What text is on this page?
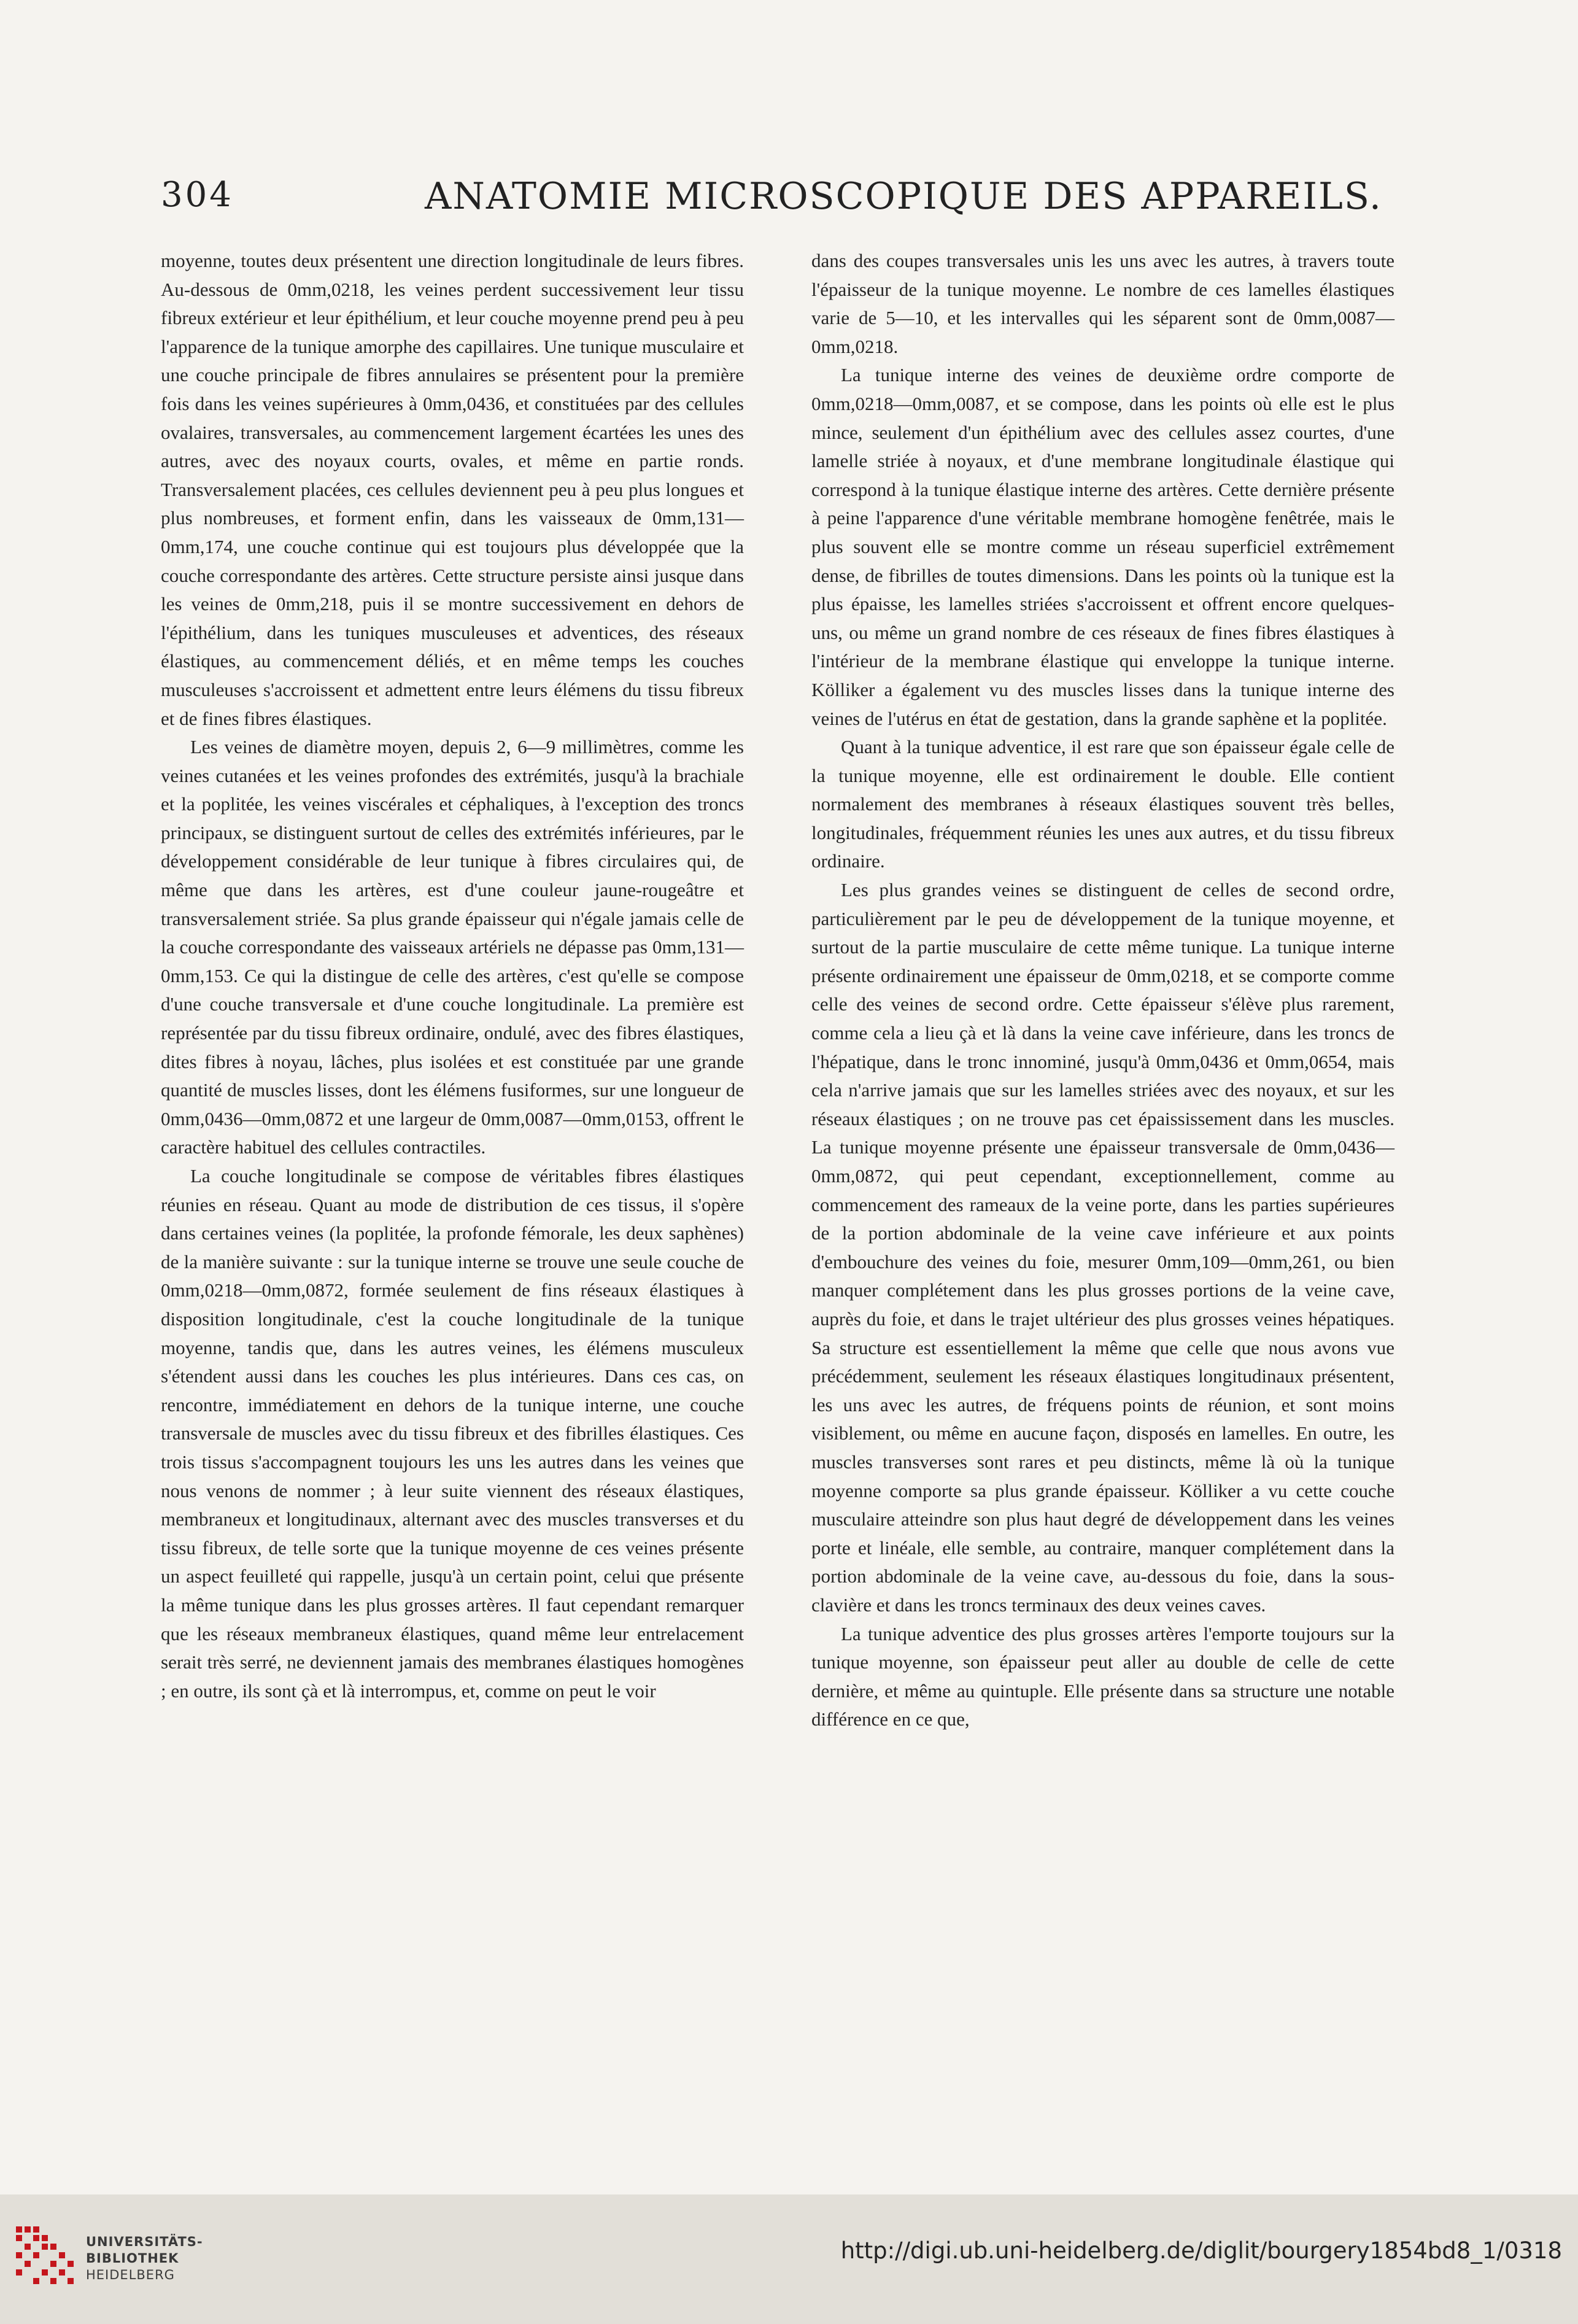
304	ANATOMIE MICROSCOPIQUE DES APPAREILS.

moyenne, toutes deux présentent une direction longitudinale de leurs fibres. Au-dessous de 0mm,0218, les veines perdent successivement leur tissu fibreux extérieur et leur épithélium, et leur couche moyenne prend peu à peu l'apparence de la tunique amorphe des capillaires. Une tunique musculaire et une couche principale de fibres annulaires se présentent pour la première fois dans les veines supérieures à 0mm,0436, et constituées par des cellules ovalaires, transversales, au commencement largement écartées les unes des autres, avec des noyaux courts, ovales, et même en partie ronds. Transversalement placées, ces cellules deviennent peu à peu plus longues et plus nombreuses, et forment enfin, dans les vaisseaux de 0mm,131—0mm,174, une couche continue qui est toujours plus développée que la couche correspondante des artères. Cette structure persiste ainsi jusque dans les veines de 0mm,218, puis il se montre successivement en dehors de l'épithélium, dans les tuniques musculeuses et adventices, des réseaux élastiques, au commencement déliés, et en même temps les couches musculeuses s'accroissent et admettent entre leurs élémens du tissu fibreux et de fines fibres élastiques.

Les veines de diamètre moyen, depuis 2, 6—9 millimètres, comme les veines cutanées et les veines profondes des extrémités, jusqu'à la brachiale et la poplitée, les veines viscérales et céphaliques, à l'exception des troncs principaux, se distinguent surtout de celles des extrémités inférieures, par le développement considérable de leur tunique à fibres circulaires qui, de même que dans les artères, est d'une couleur jaune-rougeâtre et transversalement striée. Sa plus grande épaisseur qui n'égale jamais celle de la couche correspondante des vaisseaux artériels ne dépasse pas 0mm,131—0mm,153. Ce qui la distingue de celle des artères, c'est qu'elle se compose d'une couche transversale et d'une couche longitudinale. La première est représentée par du tissu fibreux ordinaire, ondulé, avec des fibres élastiques, dites fibres à noyau, lâches, plus isolées et est constituée par une grande quantité de muscles lisses, dont les élémens fusiformes, sur une longueur de 0mm,0436—0mm,0872 et une largeur de 0mm,0087—0mm,0153, offrent le caractère habituel des cellules contractiles.

La couche longitudinale se compose de véritables fibres élastiques réunies en réseau. Quant au mode de distribution de ces tissus, il s'opère dans certaines veines (la poplitée, la profonde fémorale, les deux saphènes) de la manière suivante : sur la tunique interne se trouve une seule couche de 0mm,0218—0mm,0872, formée seulement de fins réseaux élastiques à disposition longitudinale, c'est la couche longitudinale de la tunique moyenne, tandis que, dans les autres veines, les élémens musculeux s'étendent aussi dans les couches les plus intérieures. Dans ces cas, on rencontre, immédiatement en dehors de la tunique interne, une couche transversale de muscles avec du tissu fibreux et des fibrilles élastiques. Ces trois tissus s'accompagnent toujours les uns les autres dans les veines que nous venons de nommer ; à leur suite viennent des réseaux élastiques, membraneux et longitudinaux, alternant avec des muscles transverses et du tissu fibreux, de telle sorte que la tunique moyenne de ces veines présente un aspect feuilleté qui rappelle, jusqu'à un certain point, celui que présente la même tunique dans les plus grosses artères. Il faut cependant remarquer que les réseaux membraneux élastiques, quand même leur entrelacement serait très serré, ne deviennent jamais des membranes élastiques homogènes ; en outre, ils sont çà et là interrompus, et, comme on peut le voir

dans des coupes transversales unis les uns avec les autres, à travers toute l'épaisseur de la tunique moyenne. Le nombre de ces lamelles élastiques varie de 5—10, et les intervalles qui les séparent sont de 0mm,0087—0mm,0218.

La tunique interne des veines de deuxième ordre comporte de 0mm,0218—0mm,0087, et se compose, dans les points où elle est le plus mince, seulement d'un épithélium avec des cellules assez courtes, d'une lamelle striée à noyaux, et d'une membrane longitudinale élastique qui correspond à la tunique élastique interne des artères. Cette dernière présente à peine l'apparence d'une véritable membrane homogène fenêtrée, mais le plus souvent elle se montre comme un réseau superficiel extrêmement dense, de fibrilles de toutes dimensions. Dans les points où la tunique est la plus épaisse, les lamelles striées s'accroissent et offrent encore quelques-uns, ou même un grand nombre de ces réseaux de fines fibres élastiques à l'intérieur de la membrane élastique qui enveloppe la tunique interne. Kölliker a également vu des muscles lisses dans la tunique interne des veines de l'utérus en état de gestation, dans la grande saphène et la poplitée.

Quant à la tunique adventice, il est rare que son épaisseur égale celle de la tunique moyenne, elle est ordinairement le double. Elle contient normalement des membranes à réseaux élastiques souvent très belles, longitudinales, fréquemment réunies les unes aux autres, et du tissu fibreux ordinaire.

Les plus grandes veines se distinguent de celles de second ordre, particulièrement par le peu de développement de la tunique moyenne, et surtout de la partie musculaire de cette même tunique. La tunique interne présente ordinairement une épaisseur de 0mm,0218, et se comporte comme celle des veines de second ordre. Cette épaisseur s'élève plus rarement, comme cela a lieu çà et là dans la veine cave inférieure, dans les troncs de l'hépatique, dans le tronc innominé, jusqu'à 0mm,0436 et 0mm,0654, mais cela n'arrive jamais que sur les lamelles striées avec des noyaux, et sur les réseaux élastiques ; on ne trouve pas cet épaississement dans les muscles. La tunique moyenne présente une épaisseur transversale de 0mm,0436—0mm,0872, qui peut cependant, exceptionnellement, comme au commencement des rameaux de la veine porte, dans les parties supérieures de la portion abdominale de la veine cave inférieure et aux points d'embouchure des veines du foie, mesurer 0mm,109—0mm,261, ou bien manquer complétement dans les plus grosses portions de la veine cave, auprès du foie, et dans le trajet ultérieur des plus grosses veines hépatiques. Sa structure est essentiellement la même que celle que nous avons vue précédemment, seulement les réseaux élastiques longitudinaux présentent, les uns avec les autres, de fréquens points de réunion, et sont moins visiblement, ou même en aucune façon, disposés en lamelles. En outre, les muscles transverses sont rares et peu distincts, même là où la tunique moyenne comporte sa plus grande épaisseur. Kölliker a vu cette couche musculaire atteindre son plus haut degré de développement dans les veines porte et linéale, elle semble, au contraire, manquer complétement dans la portion abdominale de la veine cave, au-dessous du foie, dans la sous-clavière et dans les troncs terminaux des deux veines caves.

La tunique adventice des plus grosses artères l'emporte toujours sur la tunique moyenne, son épaisseur peut aller au double de celle de cette dernière, et même au quintuple. Elle présente dans sa structure une notable différence en ce que,

UNIVERSITÄTS-
BIBLIOTHEK
HEIDELBERG
http://digi.ub.uni-heidelberg.de/diglit/bourgery1854bd8_1/0318
